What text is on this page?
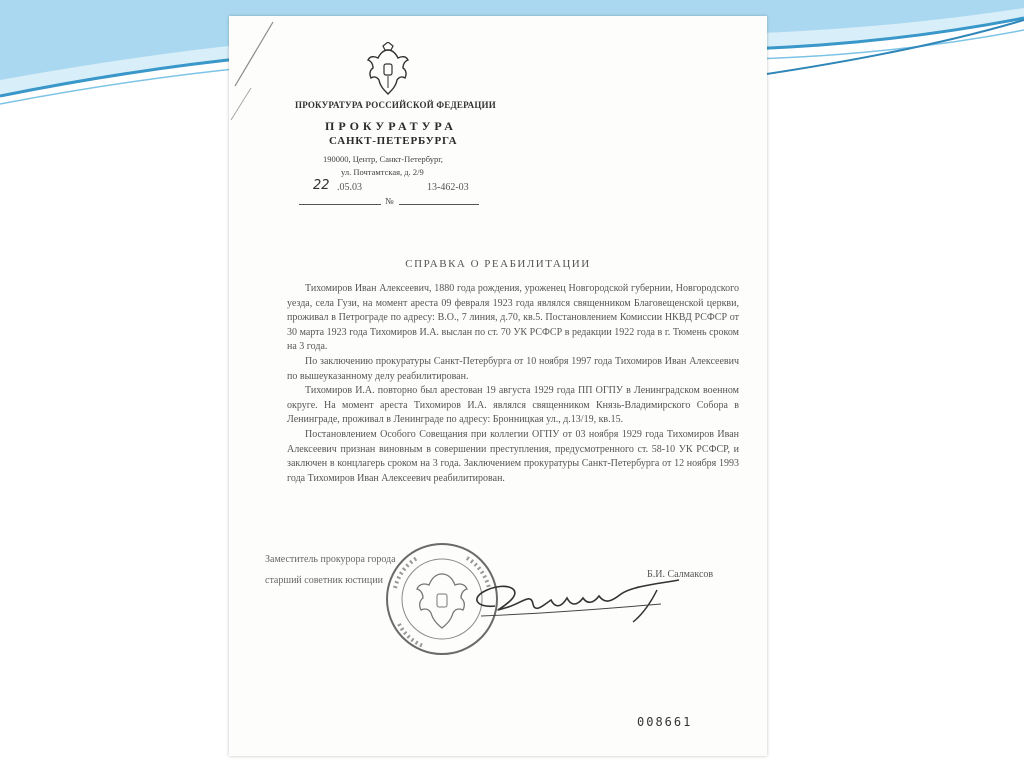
ПРОКУРАТУРА РОССИЙСКОЙ ФЕДЕРАЦИИ
ПРОКУРАТУРА
САНКТ-ПЕТЕРБУРГА
190000, Центр, Санкт-Петербург,
ул. Почтамтская, д. 2/9
22 .05.03	13-462-03
№
СПРАВКА О РЕАБИЛИТАЦИИ

Тихомиров Иван Алексеевич, 1880 года рождения, уроженец Новгородской губернии, Новгородского уезда, села Гузи, на момент ареста 09 февраля 1923 года являлся священником Благовещенской церкви, проживал в Петрограде по адресу: В.О., 7 линия, д.70, кв.5. Постановлением Комиссии НКВД РСФСР от 30 марта 1923 года Тихомиров И.А. выслан по ст. 70 УК РСФСР в редакции 1922 года в г. Тюмень сроком на 3 года.

По заключению прокуратуры Санкт-Петербурга от 10 ноября 1997 года Тихомиров Иван Алексеевич по вышеуказанному делу реабилитирован.

Тихомиров И.А. повторно был арестован 19 августа 1929 года ПП ОГПУ в Ленинградском военном округе. На момент ареста Тихомиров И.А. являлся священником Князь-Владимирского Собора в Ленинграде, проживал в Ленинграде по адресу: Бронницкая ул., д.13/19, кв.15.

Постановлением Особого Совещания при коллегии ОГПУ от 03 ноября 1929 года Тихомиров Иван Алексеевич признан виновным в совершении преступления, предусмотренного ст. 58-10 УК РСФСР, и заключен в концлагерь сроком на 3 года. Заключением прокуратуры Санкт-Петербурга от 12 ноября 1993 года Тихомиров Иван Алексеевич реабилитирован.

Заместитель прокурора города
старший советник юстиции
Б.И. Салмаксов
008661
